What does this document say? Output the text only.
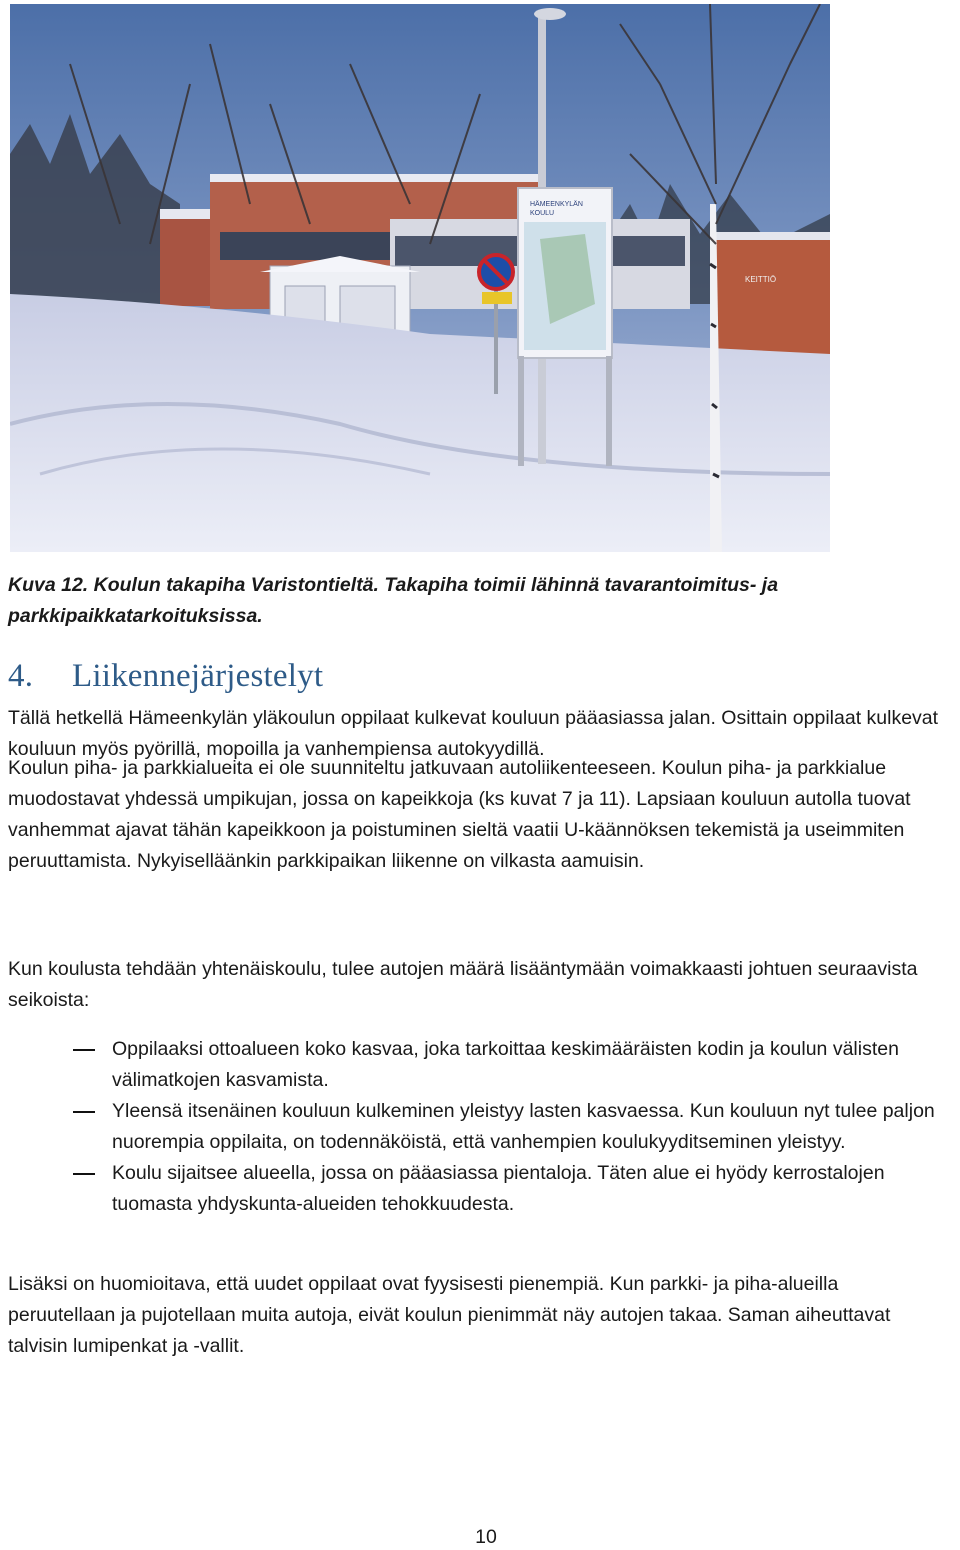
HÄMEENKYLÄN
KOULU
KEITTIÖ
Kuva 12. Koulun takapiha Varistontieltä. Takapiha toimii lähinnä tavarantoimitus- ja parkkipaikkatarkoituksissa.
4. Liikennejärjestelyt

Tällä hetkellä Hämeenkylän yläkoulun oppilaat kulkevat kouluun pääasiassa jalan. Osittain oppilaat kulkevat kouluun myös pyörillä, mopoilla ja vanhempiensa autokyydillä.

Koulun piha- ja parkkialueita ei ole suunniteltu jatkuvaan autoliikenteeseen. Koulun piha- ja parkkialue muodostavat yhdessä umpikujan, jossa on kapeikkoja (ks kuvat 7 ja 11). Lapsiaan kouluun autolla tuovat vanhemmat ajavat tähän kapeikkoon ja poistuminen sieltä vaatii U-käännöksen tekemistä ja useimmiten peruuttamista. Nykyiselläänkin parkkipaikan liikenne on vilkasta aamuisin.

Kun koulusta tehdään yhtenäiskoulu, tulee autojen määrä lisääntymään voimakkaasti johtuen seuraavista seikoista:

Oppilaaksi ottoalueen koko kasvaa, joka tarkoittaa keskimääräisten kodin ja koulun välisten välimatkojen kasvamista.
Yleensä itsenäinen kouluun kulkeminen yleistyy lasten kasvaessa. Kun kouluun nyt tulee paljon nuorempia oppilaita, on todennäköistä, että vanhempien koulukyyditseminen yleistyy.
Koulu sijaitsee alueella, jossa on pääasiassa pientaloja. Täten alue ei hyödy kerrostalojen tuomasta yhdyskunta-alueiden tehokkuudesta.

Lisäksi on huomioitava, että uudet oppilaat ovat fyysisesti pienempiä. Kun parkki- ja piha-alueilla peruutellaan ja pujotellaan muita autoja, eivät koulun pienimmät näy autojen takaa. Saman aiheuttavat talvisin lumipenkat ja -vallit.

10
